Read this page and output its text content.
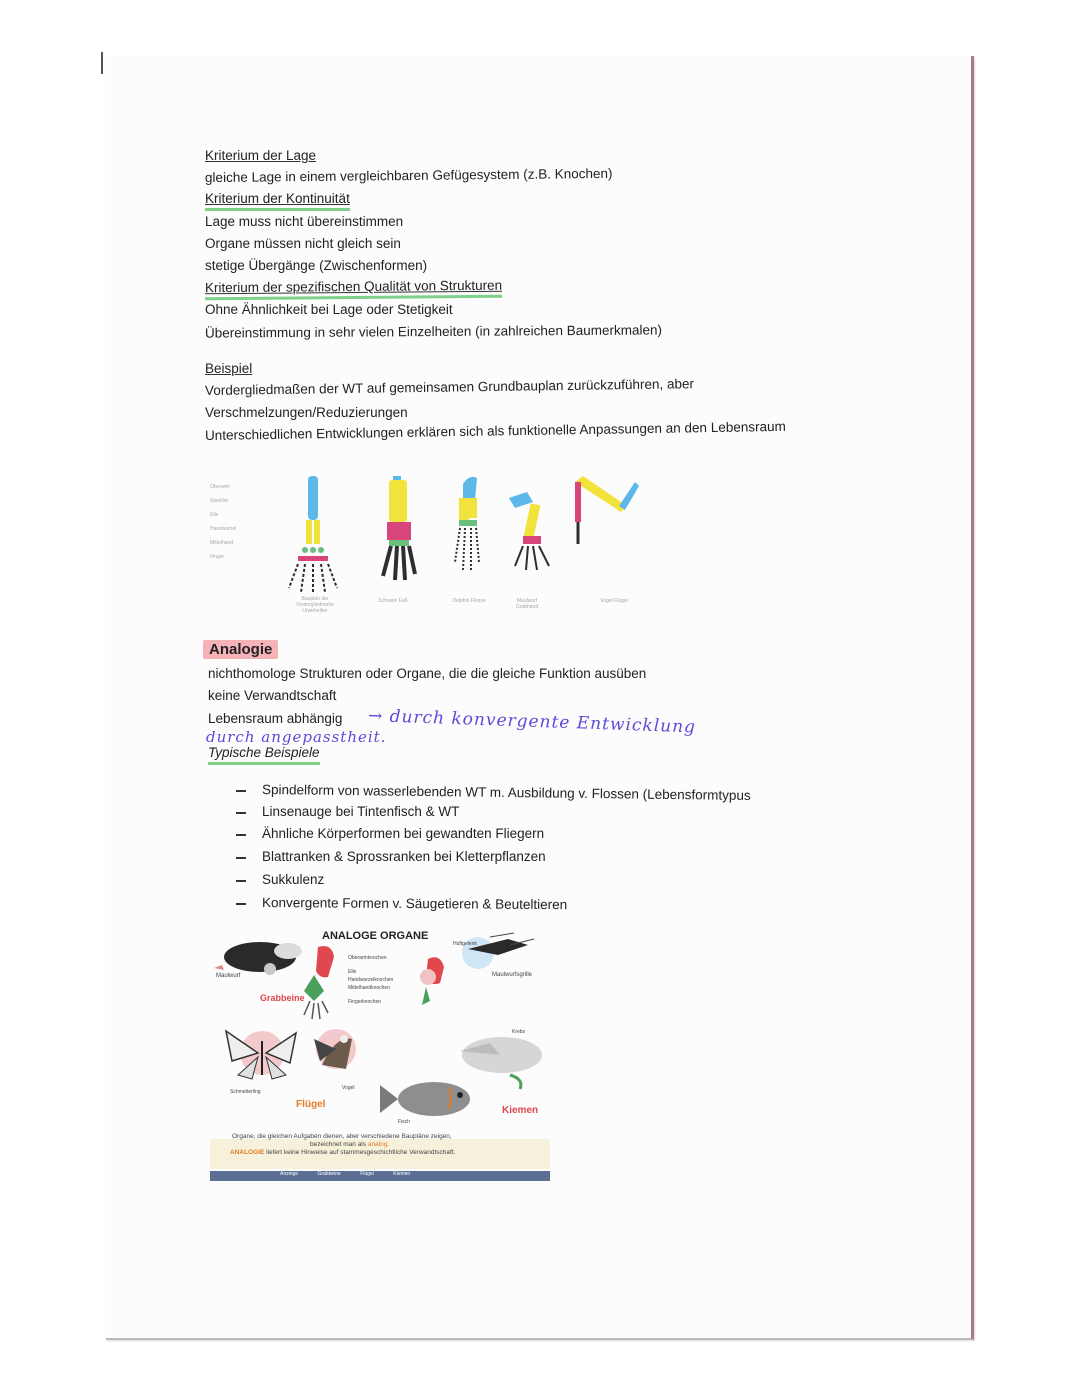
Kriterium der Lage
gleiche Lage in einem vergleichbaren Gefügesystem (z.B. Knochen)
Kriterium der Kontinuität
Lage muss nicht übereinstimmen
Organe müssen nicht gleich sein
stetige Übergänge (Zwischenformen)
Kriterium der spezifischen Qualität von Strukturen
Ohne Ähnlichkeit bei Lage oder Stetigkeit
Übereinstimmung in sehr vielen Einzelheiten (in zahlreichen Baumerkmalen)
Beispiel
Vordergliedmaßen der WT auf gemeinsamen Grundbauplan zurückzuführen, aber
Verschmelzungen/Reduzierungen
Unterschiedlichen Entwicklungen erklären sich als funktionelle Anpassungen an den Lebensraum
Oberarm
Speiche
Elle
Handwurzel
Mittelhand
Finger
Bauplan der Vordergliedmaße Urwirbeltier
Schwein Fuß	Delphin Flosse	Maulwurf Grabhand
Vogel Flügel
Analogie
nichthomologe Strukturen oder Organe, die die gleiche Funktion ausüben
keine Verwandtschaft
Lebensraum abhängig → durch konvergente Entwicklung
durch angepasstheit.
Typische Beispiele
Spindelform von wasserlebenden WT m. Ausbildung v. Flossen (Lebensformtypus
Linsenauge bei Tintenfisch & WT
Ähnliche Körperformen bei gewandten Fliegern
Blattranken & Sprossranken bei Kletterpflanzen
Sukkulenz
Konvergente Formen v. Säugetieren & Beuteltieren
ANALOGE ORGANE
Maulwurf
Grabbeine
Hüftgelenk
Maulwurfsgrille
Oberarmknochen
Elle
Handwurzelknochen
Mittelhandknochen
Fingerknochen
Krebs
Schmetterling
Vogel
Flügel
Fisch
Kiemen
Organe, die gleichen Aufgaben dienen, aber verschiedene Baupläne zeigen,
bezeichnet man als analog.
ANALOGIE liefert keine Hinweise auf stammesgeschichtliche Verwandtschaft.
Anzeige	Grabbeine	Flügel	Kiemen
